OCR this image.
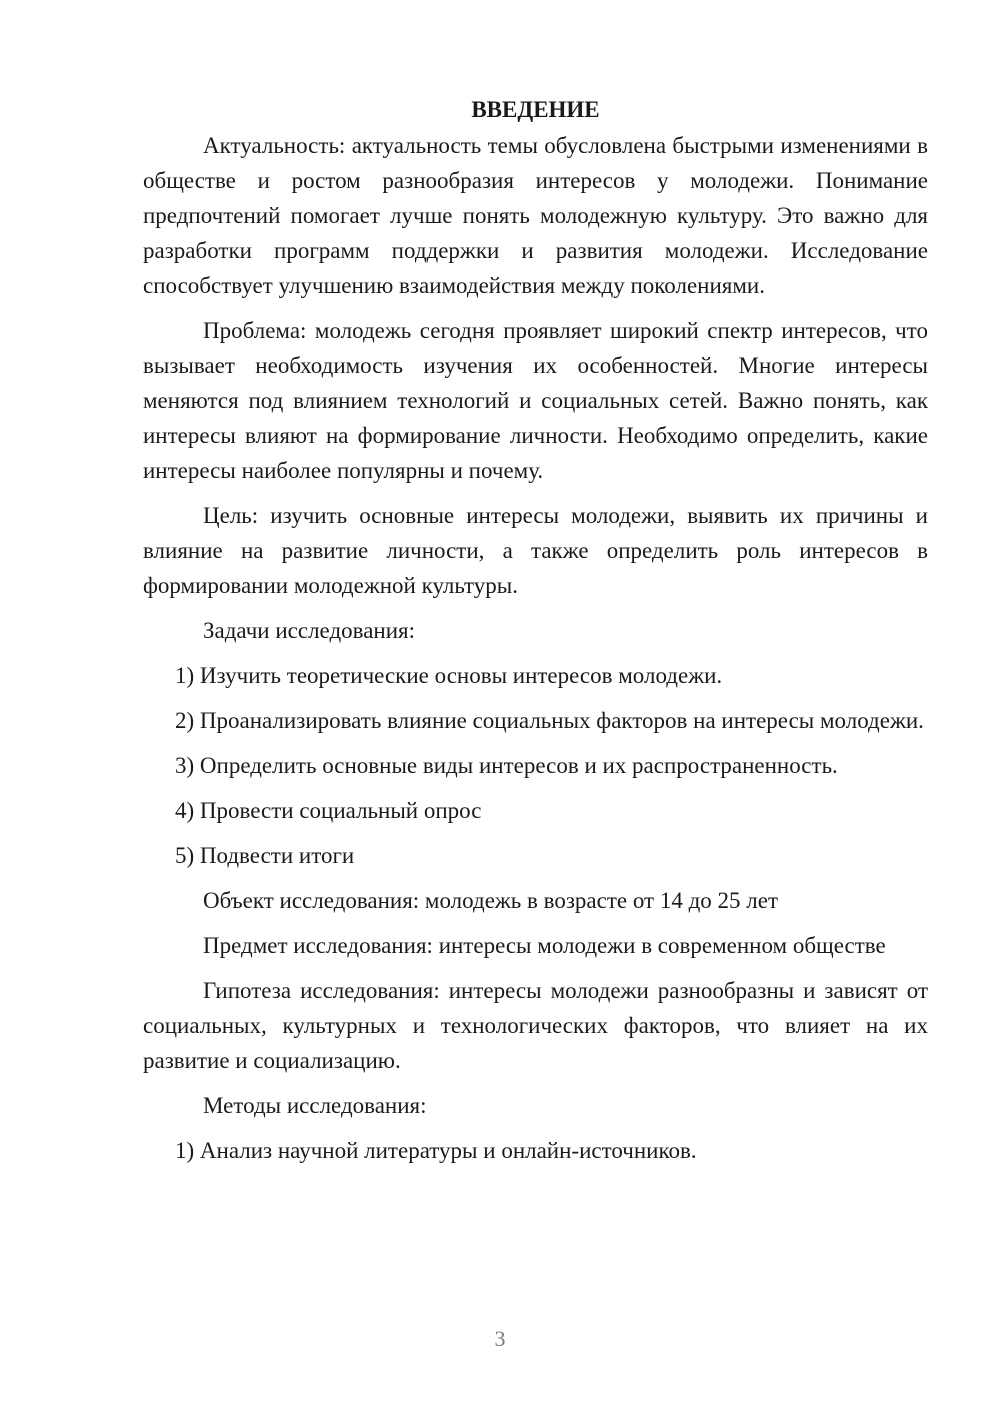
ВВЕДЕНИЕ

Актуальность: актуальность темы обусловлена быстрыми изменениями в обществе и ростом разнообразия интересов у молодежи. Понимание предпочтений помогает лучше понять молодежную культуру. Это важно для разработки программ поддержки и развития молодежи. Исследование способствует улучшению взаимодействия между поколениями.

Проблема: молодежь сегодня проявляет широкий спектр интересов, что вызывает необходимость изучения их особенностей. Многие интересы меняются под влиянием технологий и социальных сетей. Важно понять, как интересы влияют на формирование личности. Необходимо определить, какие интересы наиболее популярны и почему.

Цель: изучить основные интересы молодежи, выявить их причины и влияние на развитие личности, а также определить роль интересов в формировании молодежной культуры.

Задачи исследования:

1) Изучить теоретические основы интересов молодежи.

2) Проанализировать влияние социальных факторов на интересы молодежи.

3) Определить основные виды интересов и их распространенность.

4) Провести социальный опрос

5) Подвести итоги

Объект исследования: молодежь в возрасте от 14 до 25 лет

Предмет исследования: интересы молодежи в современном обществе

Гипотеза исследования: интересы молодежи разнообразны и зависят от социальных, культурных и технологических факторов, что влияет на их развитие и социализацию.

Методы исследования:

1) Анализ научной литературы и онлайн-источников.

3
